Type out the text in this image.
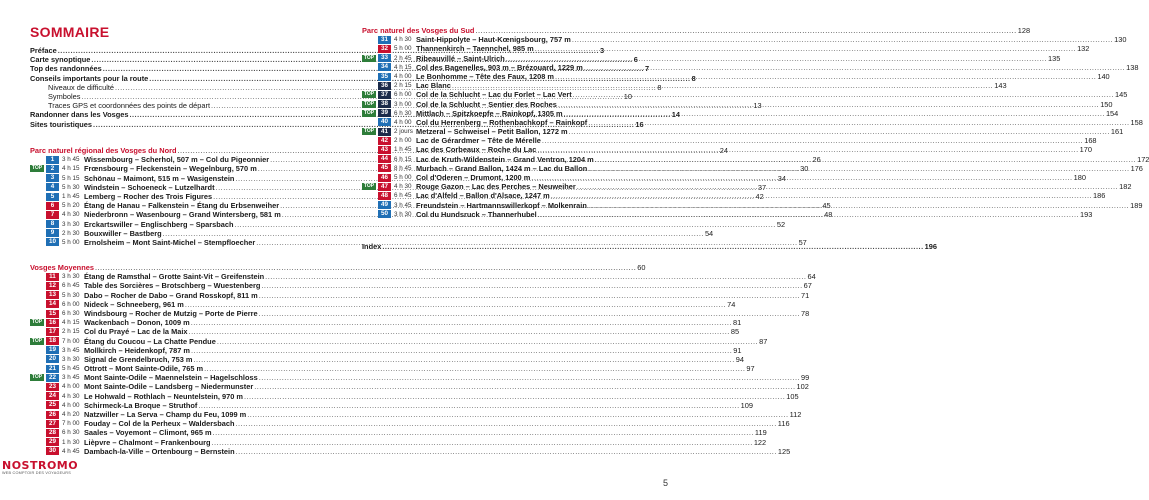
SOMMAIRE
Préface .....	3
Carte synoptique .....	6
Top des randonnées .....	7
Conseils importants pour la route .....	8
Niveaux de difficulté .....	8
Symboles .....	10
Traces GPS et coordonnées des points de départ .....	13
Randonner dans les Vosges .....	14
Sites touristiques .....	16
Parc naturel régional des Vosges du Nord .....	24
1	3 h 45 Wissembourg – Scherhol, 507 m – Col du Pigeonnier .....	26
TOP	2	4 h 15 Frœnsbourg – Fleckenstein – Wegelnburg, 570 m .....	30
3	5 h 15 Schönau – Maimont, 515 m – Wasigenstein .....	34
4	5 h 30 Windstein – Schoeneck – Lutzelhardt .....	37
5	1 h 45 Lemberg – Rocher des Trois Figures .....	42
6	5 h 20 Étang de Hanau – Falkenstein – Étang du Erbsenweiher .....	45
7	4 h 30 Niederbronn – Wasenbourg – Grand Wintersberg, 581 m .....	48
8	3 h 30 Erckartswiller – Englischberg – Sparsbach .....	52
9	2 h 30 Bouxwiller – Bastberg .....	54
10 5 h 00 Ernolsheim – Mont Saint-Michel – Stempfloecher .....	57
Vosges Moyennes .....	60
11 3 h 30 Étang de Ramsthal – Grotte Saint-Vit – Greifenstein .....	64
12 6 h 45 Table des Sorcières – Brotschberg – Wuestenberg .....	67
13 5 h 30 Dabo – Rocher de Dabo – Grand Rosskopf, 811 m .....	71
14 6 h 00 Nideck – Schneeberg, 961 m .....	74
15 6 h 30 Windsbourg – Rocher de Mutzig – Porte de Pierre .....	78
TOP	16 4 h 15 Wackenbach – Donon, 1009 m .....	81
17 2 h 15 Col du Prayé – Lac de la Maix .....	85
TOP	18 7 h 00 Étang du Coucou – La Chatte Pendue .....	87
19 3 h 45 Mollkirch – Heidenkopf, 787 m .....	91
20 3 h 30 Signal de Grendelbruch, 753 m .....	94
21 5 h 45 Ottrott – Mont Sainte-Odile, 765 m .....	97
TOP	22 3 h 45 Mont Sainte-Odile – Maennelstein – Hagelschloss .....	99
23 4 h 00 Mont Sainte-Odile – Landsberg – Niedermunster .....	102
24 4 h 30 Le Hohwald – Rothlach – Neuntelstein, 970 m .....	105
25 4 h 00 Schirmeck-La Broque – Struthof .....	109
26 4 h 20 Natzwiller – La Serva – Champ du Feu, 1099 m .....	112
27 7 h 00 Fouday – Col de la Perheux – Waldersbach .....	116
28 6 h 30 Saales – Voyemont – Climont, 965 m .....	119
29 1 h 30 Lièpvre – Chalmont – Frankenbourg .....	122
30 4 h 45 Dambach-la-Ville – Ortenbourg – Bernstein .....	125
Parc naturel des Vosges du Sud .....	128
31 4 h 30 Saint-Hippolyte – Haut-Kœnigsbourg, 757 m .....	130
32 5 h 00 Thannenkirch – Taennchel, 985 m .....	132
TOP	33 2 h 45 Ribeauvillé – Saint-Ulrich .....	135
34 4 h 15 Col des Bagenelles, 903 m – Brézouard, 1229 m .....	138
35 4 h 00 Le Bonhomme – Tête des Faux, 1208 m .....	140
36 2 h 15 Lac Blanc .....	143
TOP	37 6 h 00 Col de la Schlucht – Lac du Forlet – Lac Vert .....	145
TOP	38 3 h 00 Col de la Schlucht – Sentier des Roches .....	150
TOP	39 6 h 30 Mittlach – Spitzkoepfe – Rainkopf, 1305 m .....	154
40 4 h 00 Col du Herrenberg – Rothenbachkopf – Rainkopf .....	158
TOP	41 2 jours Metzeral – Schweisel – Petit Ballon, 1272 m .....	161
42 2 h 00 Lac de Gérardmer – Tête de Mérelle .....	168
43 1 h 45 Lac des Corbeaux – Roche du Lac .....	170
44 6 h 15 Lac de Kruth-Wildenstein – Grand Ventron, 1204 m .....	172
45 8 h 45 Murbach – Grand Ballon, 1424 m – Lac du Ballon .....	176
46 5 h 00 Col d'Oderen – Drumont, 1200 m .....	180
TOP	47 4 h 30 Rouge Gazon – Lac des Perches – Neuweiher .....	182
48 6 h 45 Lac d'Alfeld – Ballon d'Alsace, 1247 m .....	186
49 3 h 45 Freundstein – Hartmannswillerkopf – Molkenrain .....	189
50 3 h 30 Col du Hundsruck – Thannerhubel .....	193
Index .....	196
5
NOSTROMO
WEB COMPTOIR DES VOYAGEURS
